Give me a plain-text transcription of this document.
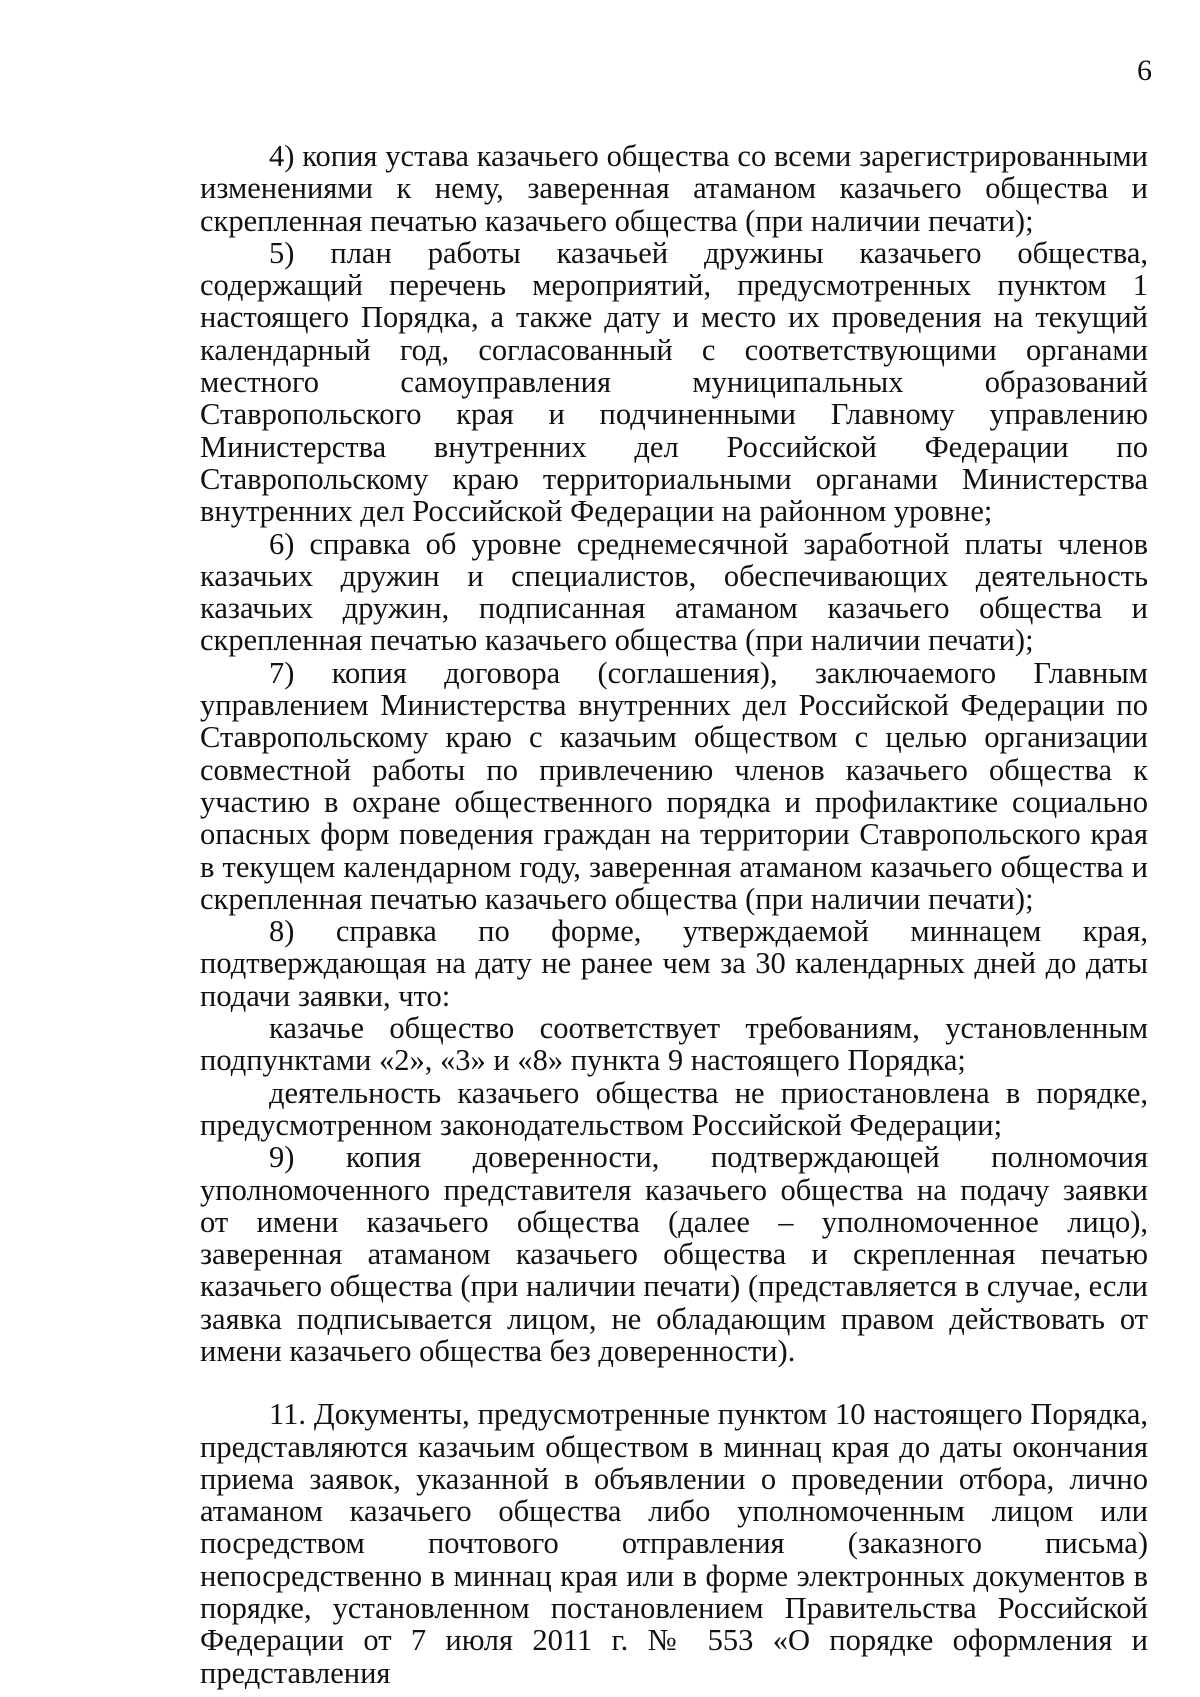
6

4) копия устава казачьего общества со всеми зарегистрированными изменениями к нему, заверенная атаманом казачьего общества и скрепленная печатью казачьего общества (при наличии печати);

5) план работы казачьей дружины казачьего общества, содержащий перечень мероприятий, предусмотренных пунктом 1 настоящего Порядка, а также дату и место их проведения на текущий календарный год, согласованный с соответствующими органами местного самоуправления муниципальных образований Ставропольского края и подчиненными Главному управлению Министерства внутренних дел Российской Федерации по Ставропольскому краю территориальными органами Министерства внутренних дел Российской Федерации на районном уровне;

6) справка об уровне среднемесячной заработной платы членов казачьих дружин и специалистов, обеспечивающих деятельность казачьих дружин, подписанная атаманом казачьего общества и скрепленная печатью казачьего общества (при наличии печати);

7) копия договора (соглашения), заключаемого Главным управлением Министерства внутренних дел Российской Федерации по Ставропольскому краю с казачьим обществом с целью организации совместной работы по привлечению членов казачьего общества к участию в охране общественного порядка и профилактике социально опасных форм поведения граждан на территории Ставропольского края в текущем календарном году, заверенная атаманом казачьего общества и скрепленная печатью казачьего общества (при наличии печати);

8) справка по форме, утверждаемой миннацем края, подтверждающая на дату не ранее чем за 30 календарных дней до даты подачи заявки, что:

казачье общество соответствует требованиям, установленным подпунктами «2», «3» и «8» пункта 9 настоящего Порядка;

деятельность казачьего общества не приостановлена в порядке, предусмотренном законодательством Российской Федерации;

9) копия доверенности, подтверждающей полномочия уполномоченного представителя казачьего общества на подачу заявки от имени казачьего общества (далее – уполномоченное лицо), заверенная атаманом казачьего общества и скрепленная печатью казачьего общества (при наличии печати) (представляется в случае, если заявка подписывается лицом, не обладающим правом действовать от имени казачьего общества без доверенности).

11. Документы, предусмотренные пунктом 10 настоящего Порядка, представляются казачьим обществом в миннац края до даты окончания приема заявок, указанной в объявлении о проведении отбора, лично атаманом казачьего общества либо уполномоченным лицом или посредством почтового отправления (заказного письма) непосредственно в миннац края или в форме электронных документов в порядке, установленном постановлением Правительства Российской Федерации от 7 июля 2011 г. № 553 «О порядке оформления и представления
